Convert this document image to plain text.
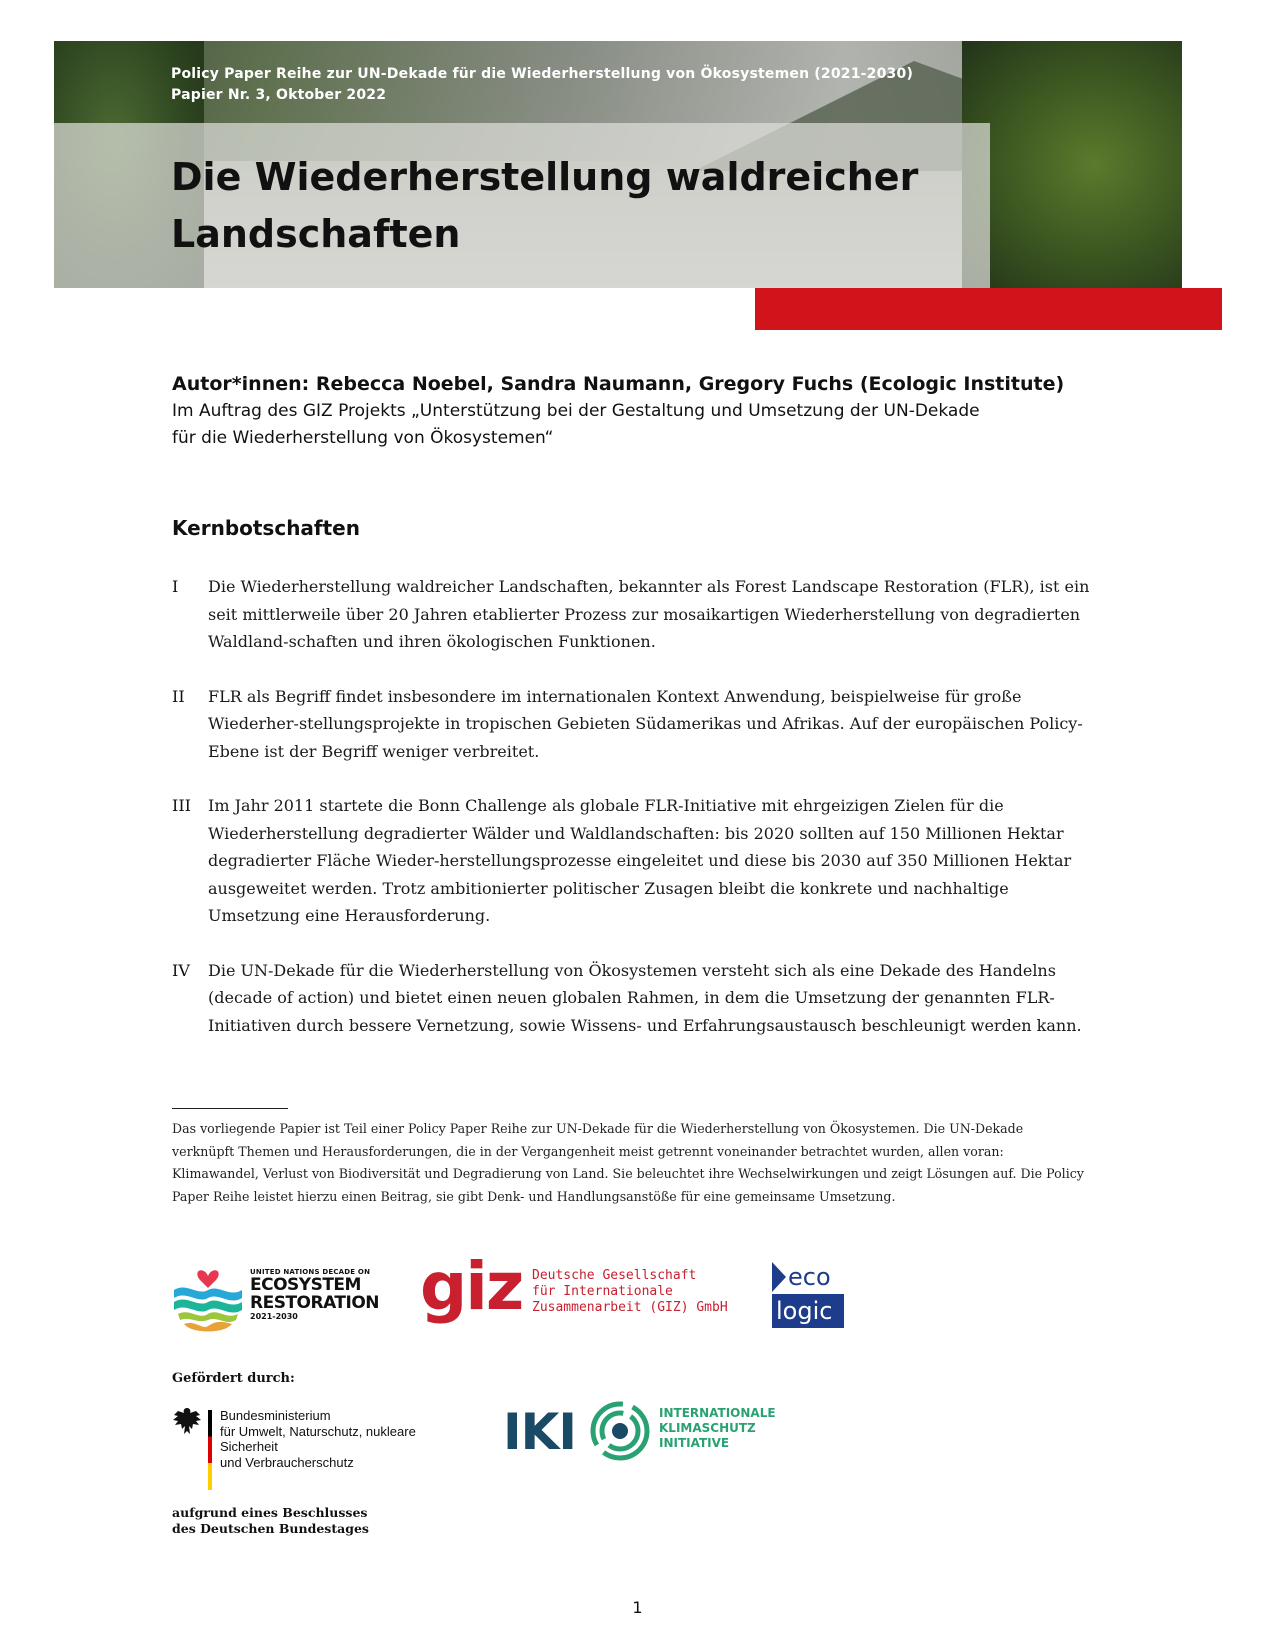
Policy Paper Reihe zur UN-Dekade für die Wiederherstellung von Ökosystemen (2021-2030)
Papier Nr. 3, Oktober 2022
Die Wiederherstellung waldreicher
Landschaften
Autor*innen: Rebecca Noebel, Sandra Naumann, Gregory Fuchs (Ecologic Institute)
Im Auftrag des GIZ Projekts „Unterstützung bei der Gestaltung und Umsetzung der UN-Dekade
für die Wiederherstellung von Ökosystemen“
Kernbotschaften
I	Die Wiederherstellung waldreicher Landschaften, bekannter als Forest Landscape Restoration (FLR), ist ein seit mittlerweile über 20 Jahren etablierter Prozess zur mosaikartigen Wiederherstellung von degradierten Waldland-schaften und ihren ökologischen Funktionen.
II	FLR als Begriff findet insbesondere im internationalen Kontext Anwendung, beispielweise für große Wiederher-stellungsprojekte in tropischen Gebieten Südamerikas und Afrikas. Auf der europäischen Policy-Ebene ist der Begriff weniger verbreitet.
III	Im Jahr 2011 startete die Bonn Challenge als globale FLR-Initiative mit ehrgeizigen Zielen für die Wiederherstellung degradierter Wälder und Waldlandschaften: bis 2020 sollten auf 150 Millionen Hektar degradierter Fläche Wieder-herstellungsprozesse eingeleitet und diese bis 2030 auf 350 Millionen Hektar ausgeweitet werden. Trotz ambitionierter politischer Zusagen bleibt die konkrete und nachhaltige Umsetzung eine Herausforderung.
IV	Die UN-Dekade für die Wiederherstellung von Ökosystemen versteht sich als eine Dekade des Handelns (decade of action) und bietet einen neuen globalen Rahmen, in dem die Umsetzung der genannten FLR-Initiativen durch bessere Vernetzung, sowie Wissens- und Erfahrungsaustausch beschleunigt werden kann.
Das vorliegende Papier ist Teil einer Policy Paper Reihe zur UN-Dekade für die Wiederherstellung von Ökosystemen. Die UN-Dekade verknüpft Themen und Herausforderungen, die in der Vergangenheit meist getrennt voneinander betrachtet wurden, allen voran: Klimawandel, Verlust von Biodiversität und Degradierung von Land. Sie beleuchtet ihre Wechselwirkungen und zeigt Lösungen auf. Die Policy Paper Reihe leistet hierzu einen Beitrag, sie gibt Denk- und Handlungsanstöße für eine gemeinsame Umsetzung.
UNITED NATIONS DECADE ON
ECOSYSTEM
RESTORATION
2021-2030	giz Deutsche Gesellschaft
für Internationale
Zusammenarbeit (GIZ) GmbH
eco
logic
Gefördert durch:
Bundesministerium
für Umwelt, Naturschutz, nukleare Sicherheit
und Verbraucherschutz
aufgrund eines Beschlusses
des Deutschen Bundestages
IKI	INTERNATIONALE
KLIMASCHUTZ
INITIATIVE
1
